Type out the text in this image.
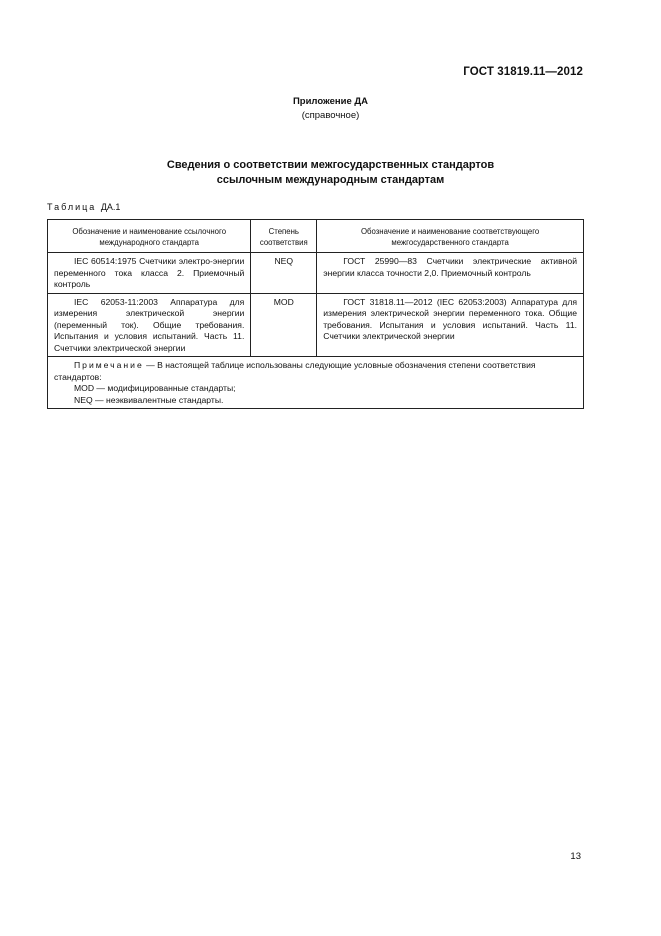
ГОСТ 31819.11—2012
Приложение ДА
(справочное)
Сведения о соответствии межгосударственных стандартов
ссылочным международным стандартам
Таблица ДА.1
Обозначение и наименование ссылочного международного стандарта	Степень соответствия	Обозначение и наименование соответствующего межгосударственного стандарта
IEC 60514:1975 Счетчики электро-энергии переменного тока класса 2. Приемочный контроль	NEQ	ГОСТ 25990—83 Счетчики электрические активной энергии класса точности 2,0. Приемочный контроль
IEC 62053-11:2003 Аппаратура для измерения электрической энергии (переменный ток). Общие требования. Испытания и условия испытаний. Часть 11. Счетчики электрической энергии	MOD	ГОСТ 31818.11—2012 (IEC 62053:2003) Аппаратура для измерения электрической энергии переменного тока. Общие требования. Испытания и условия испытаний. Часть 11. Счетчики электрической энергии

Примечание — В настоящей таблице использованы следующие условные обозначения степени соответствия стандартов:
MOD — модифицированные стандарты;
NEQ — неэквивалентные стандарты.		
13
